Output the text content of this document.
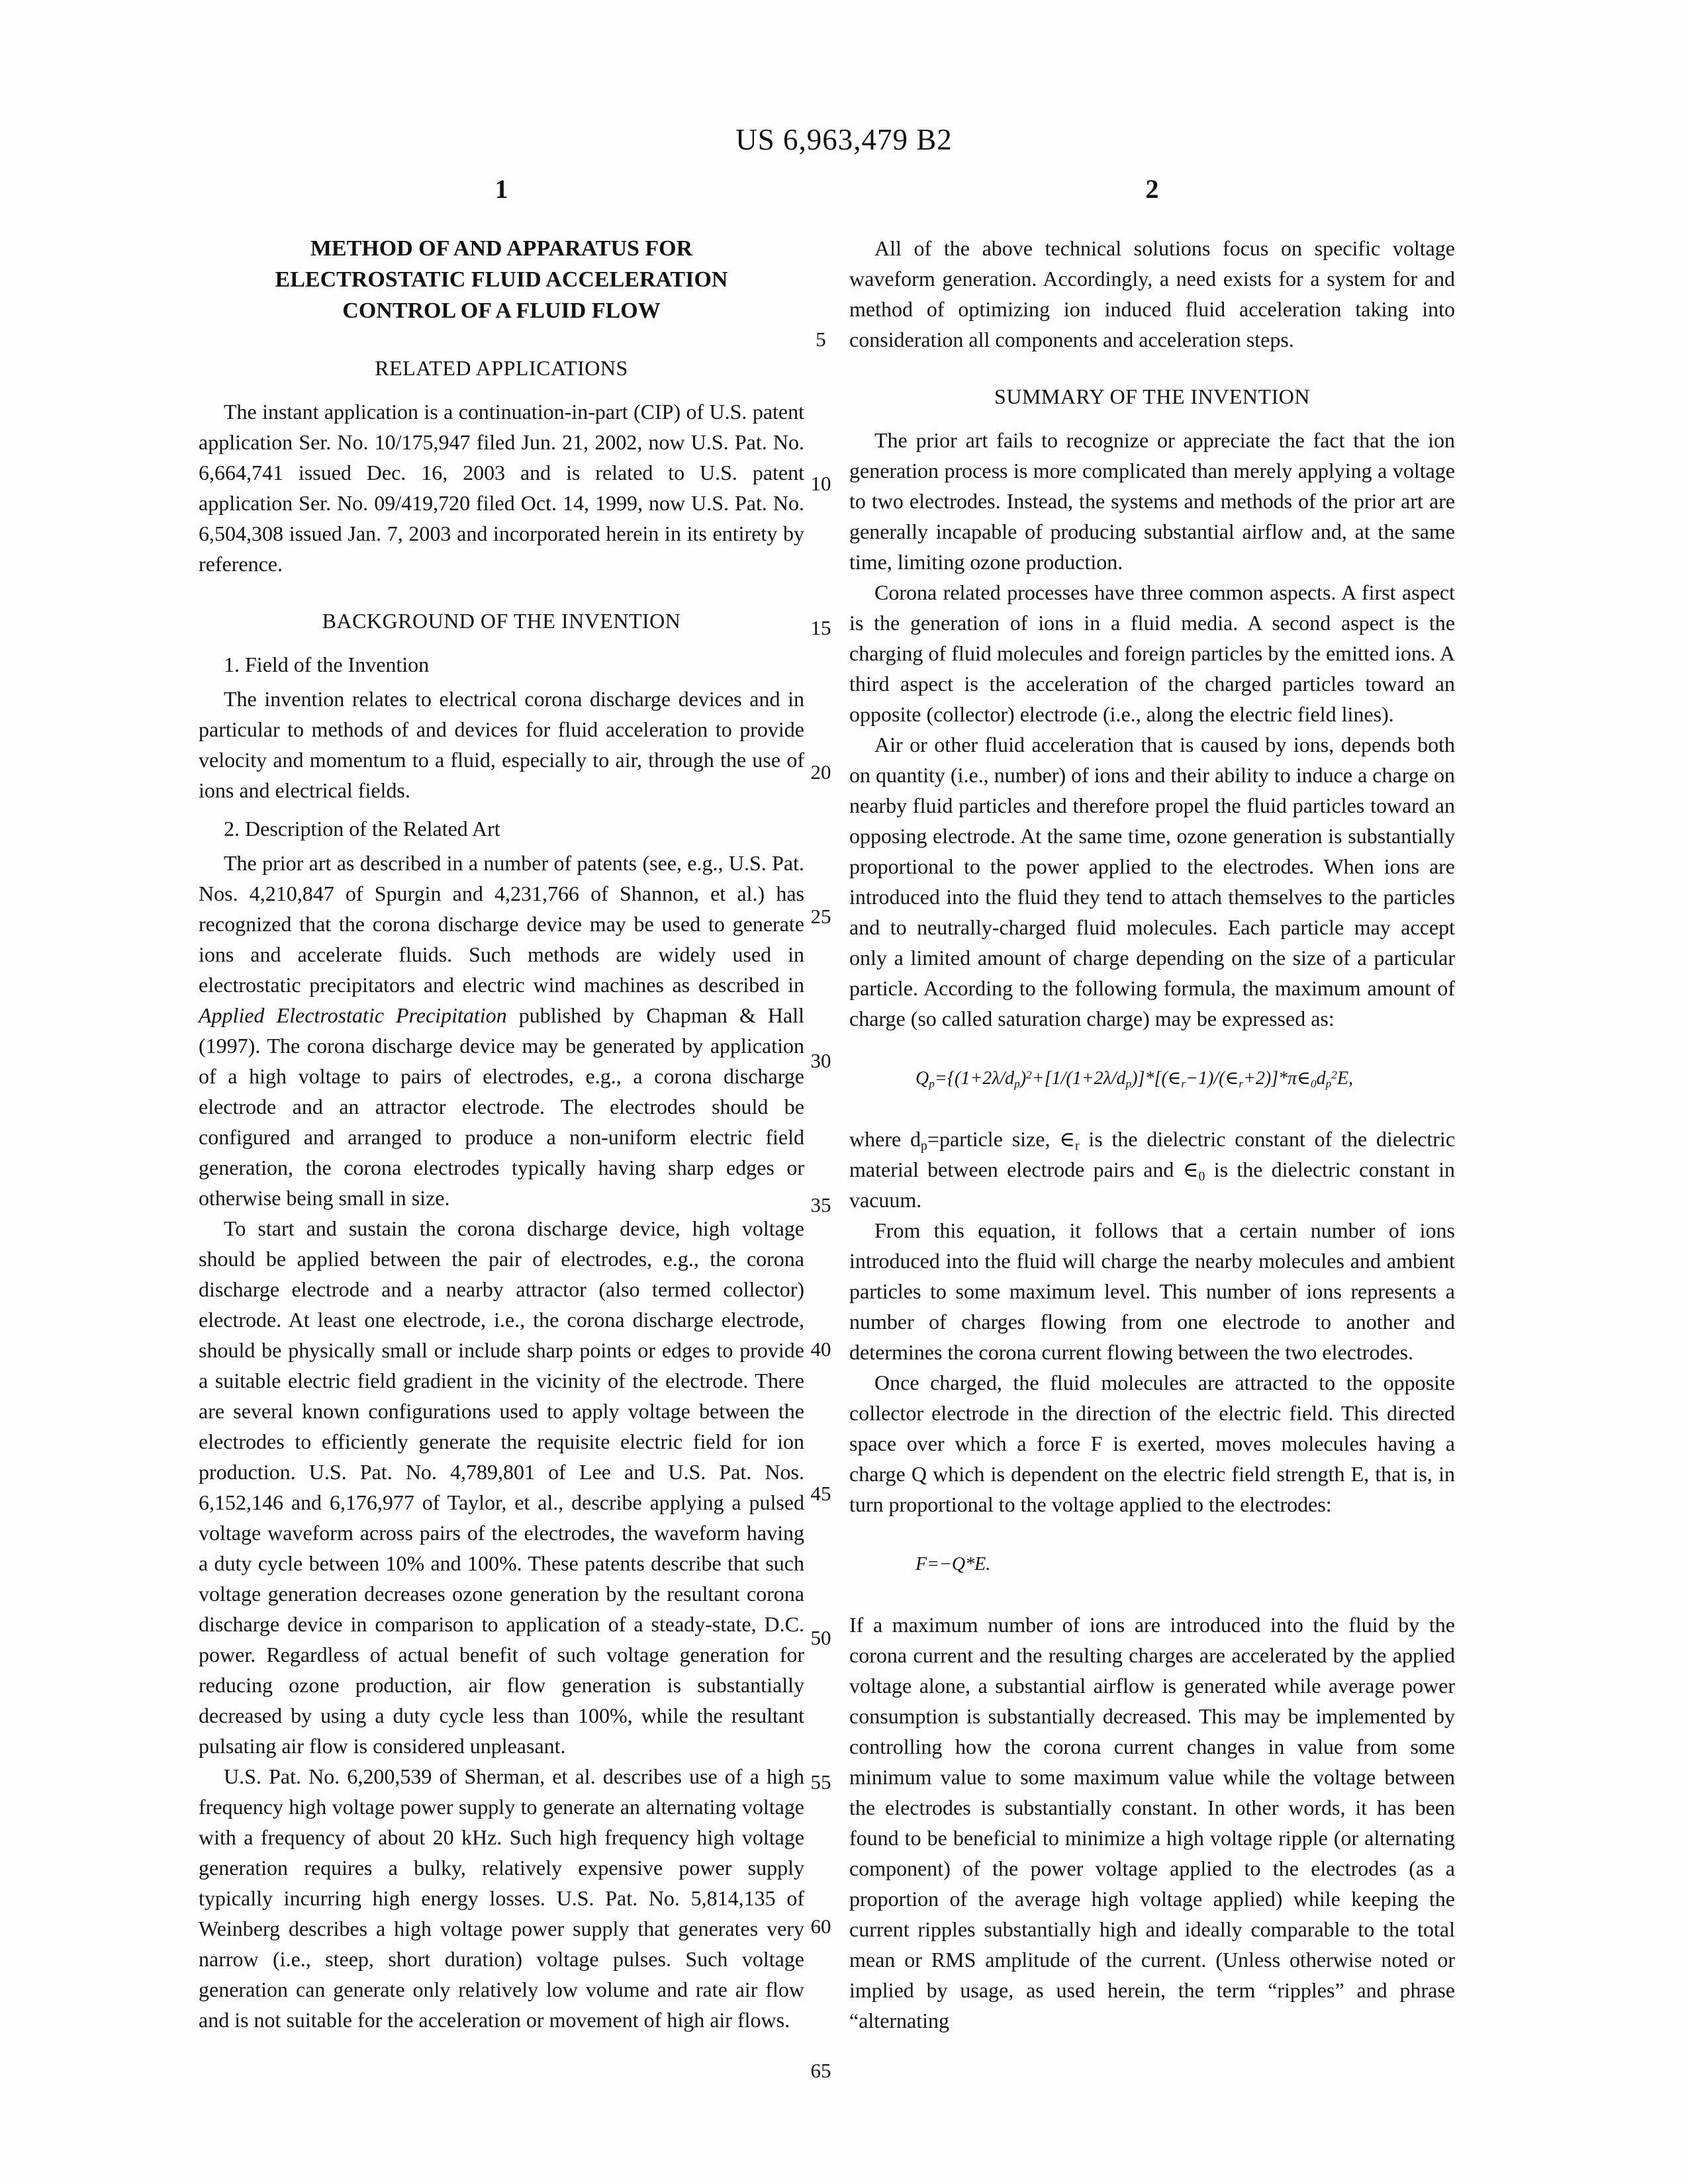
US 6,963,479 B2
1	2
5
10
15
20
25
30
35
40
45
50
55
60
65
METHOD OF AND APPARATUS FOR
ELECTROSTATIC FLUID ACCELERATION
CONTROL OF A FLUID FLOW
RELATED APPLICATIONS
The instant application is a continuation-in-part (CIP) of U.S. patent application Ser. No. 10/175,947 filed Jun. 21, 2002, now U.S. Pat. No. 6,664,741 issued Dec. 16, 2003 and is related to U.S. patent application Ser. No. 09/419,720 filed Oct. 14, 1999, now U.S. Pat. No. 6,504,308 issued Jan. 7, 2003 and incorporated herein in its entirety by reference.
BACKGROUND OF THE INVENTION
1. Field of the Invention
The invention relates to electrical corona discharge devices and in particular to methods of and devices for fluid acceleration to provide velocity and momentum to a fluid, especially to air, through the use of ions and electrical fields.
2. Description of the Related Art
The prior art as described in a number of patents (see, e.g., U.S. Pat. Nos. 4,210,847 of Spurgin and 4,231,766 of Shannon, et al.) has recognized that the corona discharge device may be used to generate ions and accelerate fluids. Such methods are widely used in electrostatic precipitators and electric wind machines as described in Applied Electrostatic Precipitation published by Chapman & Hall (1997). The corona discharge device may be generated by application of a high voltage to pairs of electrodes, e.g., a corona discharge electrode and an attractor electrode. The electrodes should be configured and arranged to produce a non-uniform electric field generation, the corona electrodes typically having sharp edges or otherwise being small in size.
To start and sustain the corona discharge device, high voltage should be applied between the pair of electrodes, e.g., the corona discharge electrode and a nearby attractor (also termed collector) electrode. At least one electrode, i.e., the corona discharge electrode, should be physically small or include sharp points or edges to provide a suitable electric field gradient in the vicinity of the electrode. There are several known configurations used to apply voltage between the electrodes to efficiently generate the requisite electric field for ion production. U.S. Pat. No. 4,789,801 of Lee and U.S. Pat. Nos. 6,152,146 and 6,176,977 of Taylor, et al., describe applying a pulsed voltage waveform across pairs of the electrodes, the waveform having a duty cycle between 10% and 100%. These patents describe that such voltage generation decreases ozone generation by the resultant corona discharge device in comparison to application of a steady-state, D.C. power. Regardless of actual benefit of such voltage generation for reducing ozone production, air flow generation is substantially decreased by using a duty cycle less than 100%, while the resultant pulsating air flow is considered unpleasant.
U.S. Pat. No. 6,200,539 of Sherman, et al. describes use of a high frequency high voltage power supply to generate an alternating voltage with a frequency of about 20 kHz. Such high frequency high voltage generation requires a bulky, relatively expensive power supply typically incurring high energy losses. U.S. Pat. No. 5,814,135 of Weinberg describes a high voltage power supply that generates very narrow (i.e., steep, short duration) voltage pulses. Such voltage generation can generate only relatively low volume and rate air flow and is not suitable for the acceleration or movement of high air flows.
All of the above technical solutions focus on specific voltage waveform generation. Accordingly, a need exists for a system for and method of optimizing ion induced fluid acceleration taking into consideration all components and acceleration steps.
SUMMARY OF THE INVENTION
The prior art fails to recognize or appreciate the fact that the ion generation process is more complicated than merely applying a voltage to two electrodes. Instead, the systems and methods of the prior art are generally incapable of producing substantial airflow and, at the same time, limiting ozone production.
Corona related processes have three common aspects. A first aspect is the generation of ions in a fluid media. A second aspect is the charging of fluid molecules and foreign particles by the emitted ions. A third aspect is the acceleration of the charged particles toward an opposite (collector) electrode (i.e., along the electric field lines).
Air or other fluid acceleration that is caused by ions, depends both on quantity (i.e., number) of ions and their ability to induce a charge on nearby fluid particles and therefore propel the fluid particles toward an opposing electrode. At the same time, ozone generation is substantially proportional to the power applied to the electrodes. When ions are introduced into the fluid they tend to attach themselves to the particles and to neutrally-charged fluid molecules. Each particle may accept only a limited amount of charge depending on the size of a particular particle. According to the following formula, the maximum amount of charge (so called saturation charge) may be expressed as:
$Q_p=\{(1+2\lambda/d_p)^2+[1/(1+2\lambda/d_p)]*[(\in_r-1)/(\in_r+2)]*\pi\in_0d_p^2E$,
where $d_p=particle$ size, $\in_r$ is the dielectric constant of the dielectric material between electrode pairs and $\in_0$ is the dielectric constant in vacuum.
From this equation, it follows that a certain number of ions introduced into the fluid will charge the nearby molecules and ambient particles to some maximum level. This number of ions represents a number of charges flowing from one electrode to another and determines the corona current flowing between the two electrodes.
Once charged, the fluid molecules are attracted to the opposite collector electrode in the direction of the electric field. This directed space over which a force F is exerted, moves molecules having a charge Q which is dependent on the electric field strength E, that is, in turn proportional to the voltage applied to the electrodes:
F=−Q*E.
If a maximum number of ions are introduced into the fluid by the corona current and the resulting charges are accelerated by the applied voltage alone, a substantial airflow is generated while average power consumption is substantially decreased. This may be implemented by controlling how the corona current changes in value from some minimum value to some maximum value while the voltage between the electrodes is substantially constant. In other words, it has been found to be beneficial to minimize a high voltage ripple (or alternating component) of the power voltage applied to the electrodes (as a proportion of the average high voltage applied) while keeping the current ripples substantially high and ideally comparable to the total mean or RMS amplitude of the current. (Unless otherwise noted or implied by usage, as used herein, the term “ripples” and phrase “alternating
